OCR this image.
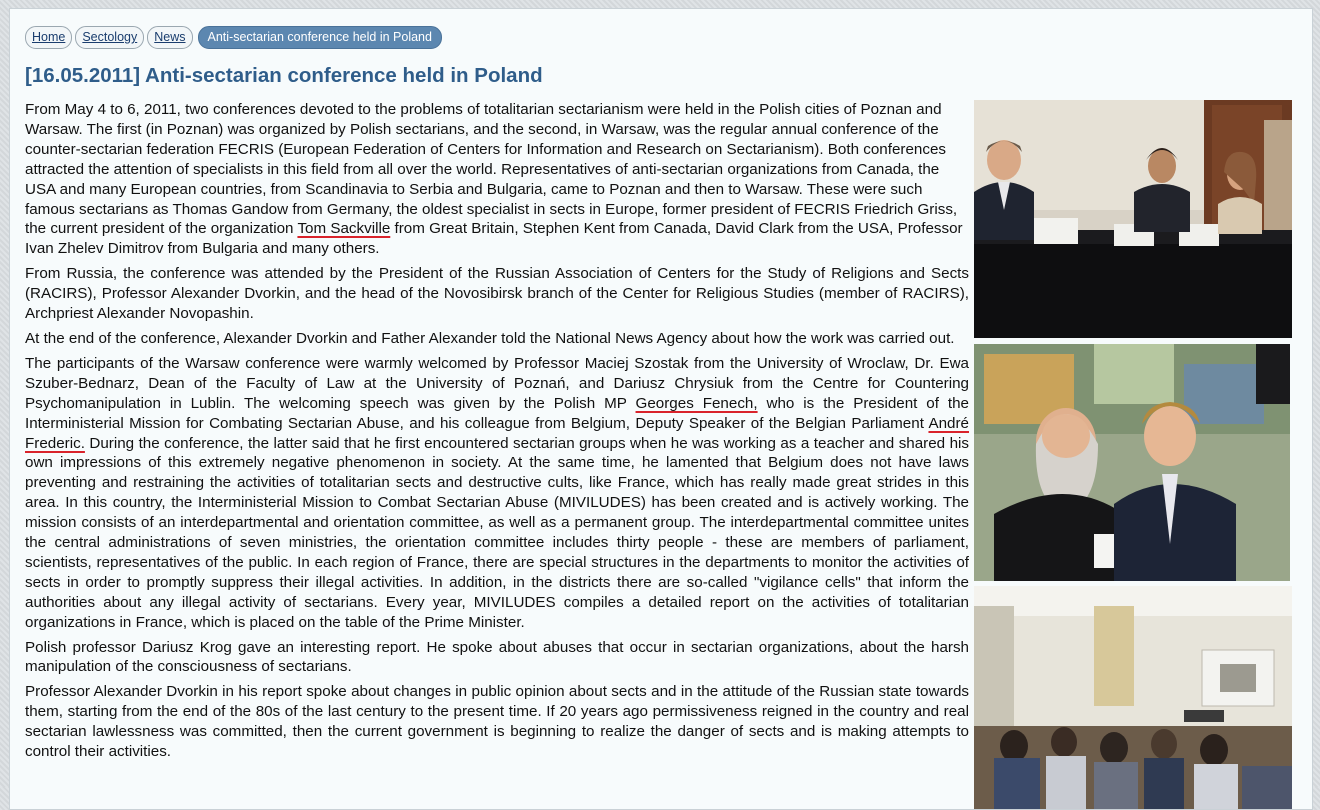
Home	Sectology	News	Anti-sectarian conference held in Poland
[16.05.2011] Anti-sectarian conference held in Poland

From May 4 to 6, 2011, two conferences devoted to the problems of totalitarian sectarianism were held in the Polish cities of Poznan and Warsaw. The first (in Poznan) was organized by Polish sectarians, and the second, in Warsaw, was the regular annual conference of the counter-sectarian federation FECRIS (European Federation of Centers for Information and Research on Sectarianism). Both conferences attracted the attention of specialists in this field from all over the world. Representatives of anti-sectarian organizations from Canada, the USA and many European countries, from Scandinavia to Serbia and Bulgaria, came to Poznan and then to Warsaw. These were such famous sectarians as Thomas Gandow from Germany, the oldest specialist in sects in Europe, former president of FECRIS Friedrich Griss, the current president of the organization Tom Sackville from Great Britain, Stephen Kent from Canada, David Clark from the USA, Professor Ivan Zhelev Dimitrov from Bulgaria and many others.

From Russia, the conference was attended by the President of the Russian Association of Centers for the Study of Religions and Sects (RACIRS), Professor Alexander Dvorkin, and the head of the Novosibirsk branch of the Center for Religious Studies (member of RACIRS), Archpriest Alexander Novopashin.

At the end of the conference, Alexander Dvorkin and Father Alexander told the National News Agency about how the work was carried out.

The participants of the Warsaw conference were warmly welcomed by Professor Maciej Szostak from the University of Wroclaw, Dr. Ewa Szuber-Bednarz, Dean of the Faculty of Law at the University of Poznań, and Dariusz Chrysiuk from the Centre for Countering Psychomanipulation in Lublin. The welcoming speech was given by the Polish MP Georges Fenech, who is the President of the Interministerial Mission for Combating Sectarian Abuse, and his colleague from Belgium, Deputy Speaker of the Belgian Parliament André Frederic. During the conference, the latter said that he first encountered sectarian groups when he was working as a teacher and shared his own impressions of this extremely negative phenomenon in society. At the same time, he lamented that Belgium does not have laws preventing and restraining the activities of totalitarian sects and destructive cults, like France, which has really made great strides in this area. In this country, the Interministerial Mission to Combat Sectarian Abuse (MIVILUDES) has been created and is actively working. The mission consists of an interdepartmental and orientation committee, as well as a permanent group. The interdepartmental committee unites the central administrations of seven ministries, the orientation committee includes thirty people - these are members of parliament, scientists, representatives of the public. In each region of France, there are special structures in the departments to monitor the activities of sects in order to promptly suppress their illegal activities. In addition, in the districts there are so-called "vigilance cells" that inform the authorities about any illegal activity of sectarians. Every year, MIVILUDES compiles a detailed report on the activities of totalitarian organizations in France, which is placed on the table of the Prime Minister.

Polish professor Dariusz Krog gave an interesting report. He spoke about abuses that occur in sectarian organizations, about the harsh manipulation of the consciousness of sectarians.

Professor Alexander Dvorkin in his report spoke about changes in public opinion about sects and in the attitude of the Russian state towards them, starting from the end of the 80s of the last century to the present time. If 20 years ago permissiveness reigned in the country and real sectarian lawlessness was committed, then the current government is beginning to realize the danger of sects and is making attempts to control their activities.
